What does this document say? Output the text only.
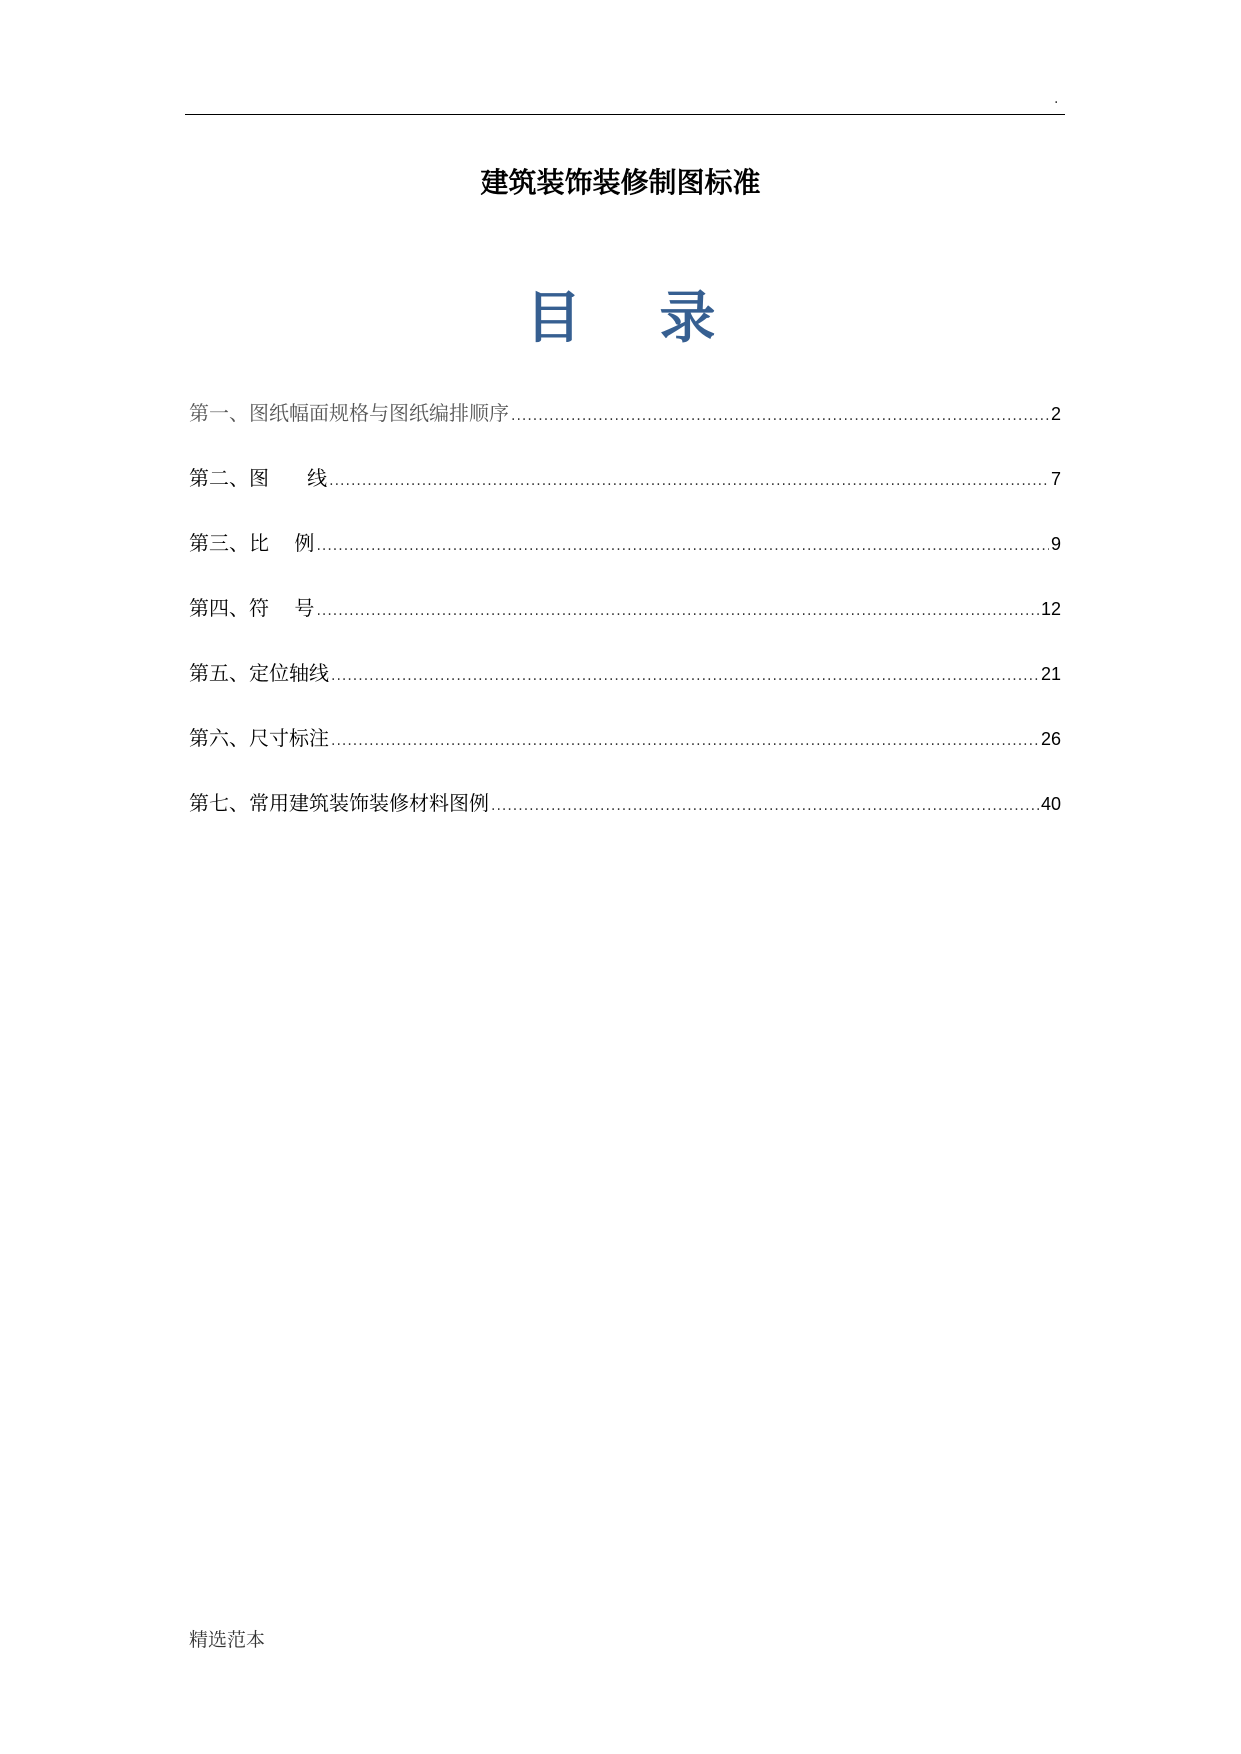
.
建筑装饰装修制图标准
目    录
第一、图纸幅面规格与图纸编排顺序 .....	2
第二、图      线 .....	7
第三、比    例 .....	9
第四、符    号 .....	12
第五、定位轴线 .....	21
第六、尺寸标注 .....	26
第七、常用建筑装饰装修材料图例 .....	40
精选范本
